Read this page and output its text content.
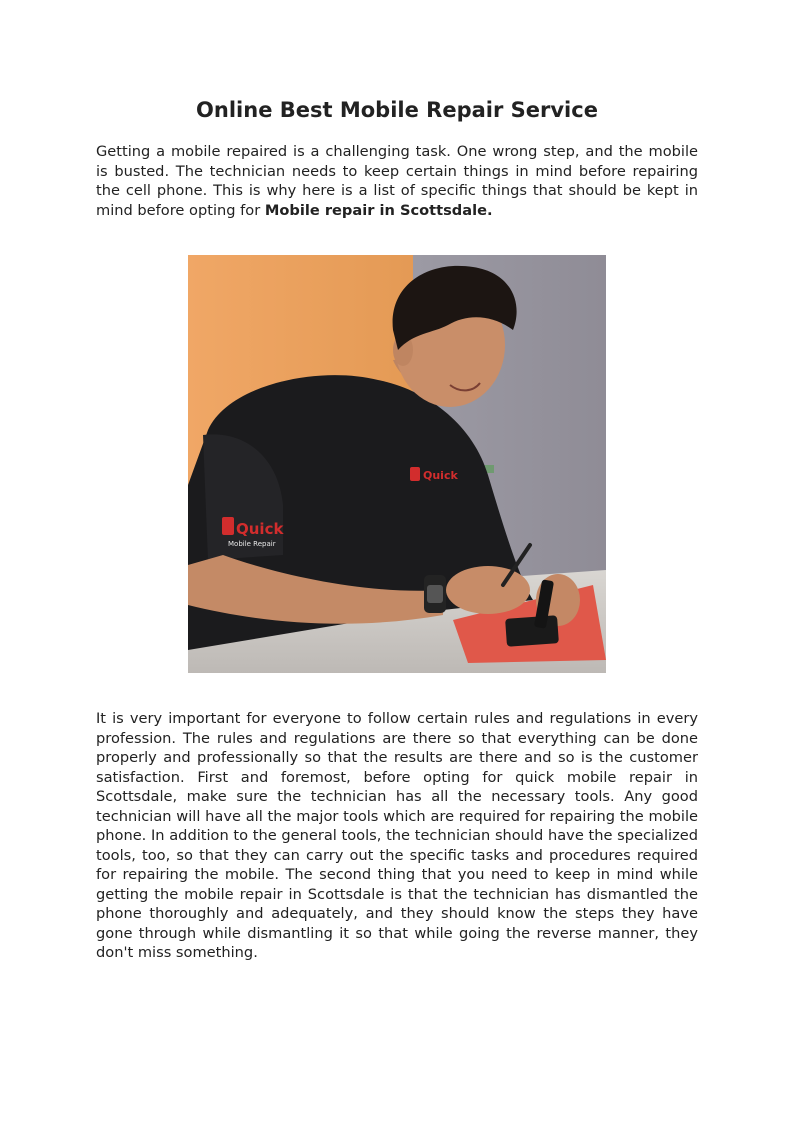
Online Best Mobile Repair Service

Getting a mobile repaired is a challenging task. One wrong step, and the mobile is busted. The technician needs to keep certain things in mind before repairing the cell phone. This is why here is a list of specific things that should be kept in mind before opting for Mobile repair in Scottsdale.

Quick
Quick
Mobile Repair

It is very important for everyone to follow certain rules and regulations in every profession. The rules and regulations are there so that everything can be done properly and professionally so that the results are there and so is the customer satisfaction. First and foremost, before opting for quick mobile repair in Scottsdale, make sure the technician has all the necessary tools. Any good technician will have all the major tools which are required for repairing the mobile phone. In addition to the general tools, the technician should have the specialized tools, too, so that they can carry out the specific tasks and procedures required for repairing the mobile. The second thing that you need to keep in mind while getting the mobile repair in Scottsdale is that the technician has dismantled the phone thoroughly and adequately, and they should know the steps they have gone through while dismantling it so that while going the reverse manner, they don't miss something.
